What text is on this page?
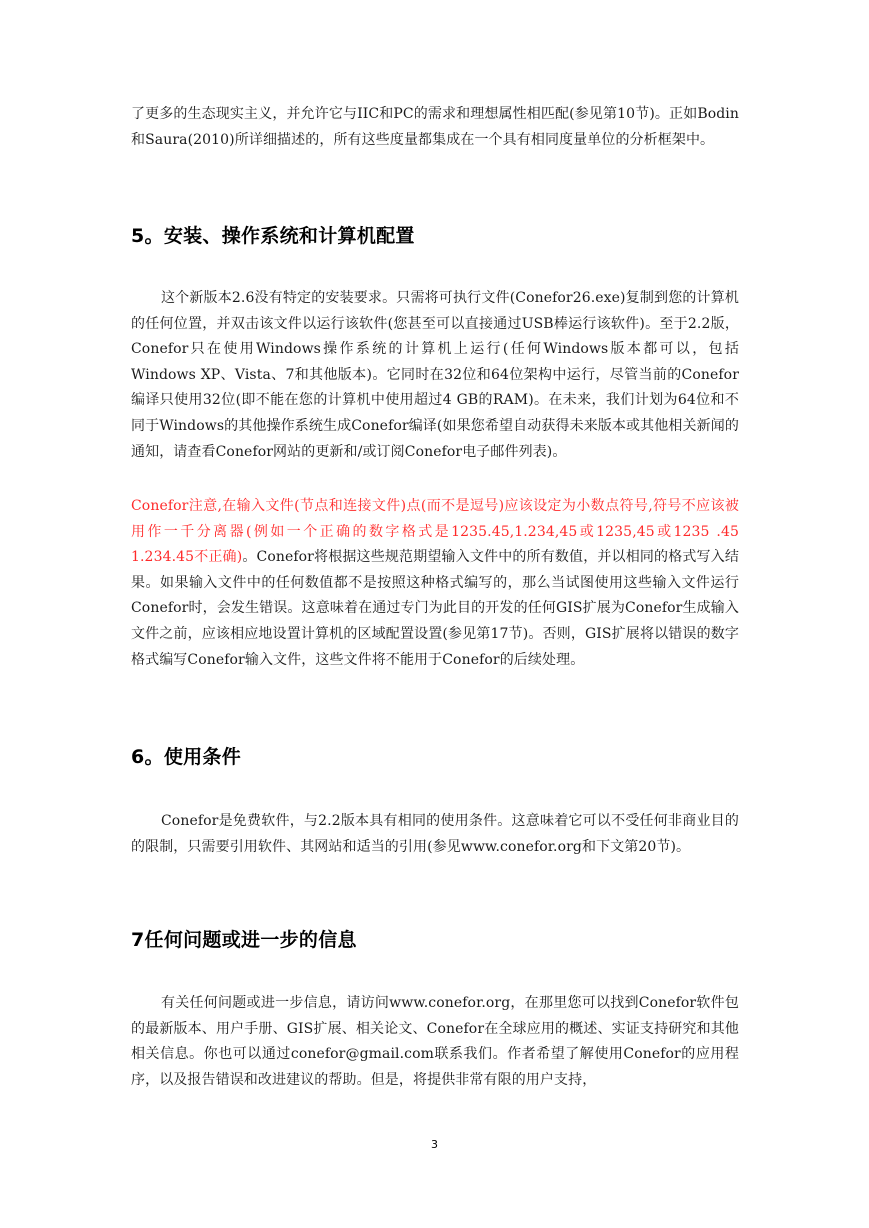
了更多的生态现实主义，并允许它与IIC和PC的需求和理想属性相匹配(参见第10节)。正如Bodin和Saura(2010)所详细描述的，所有这些度量都集成在一个具有相同度量单位的分析框架中。

5。安装、操作系统和计算机配置

这个新版本2.6没有特定的安装要求。只需将可执行文件(Conefor26.exe)复制到您的计算机的任何位置，并双击该文件以运行该软件(您甚至可以直接通过USB棒运行该软件)。至于2.2版，Conefor只在使用Windows操作系统的计算机上运行(任何Windows版本都可以，包括Windows XP、Vista、7和其他版本)。它同时在32位和64位架构中运行，尽管当前的Conefor编译只使用32位(即不能在您的计算机中使用超过4 GB的RAM)。在未来，我们计划为64位和不同于Windows的其他操作系统生成Conefor编译(如果您希望自动获得未来版本或其他相关新闻的通知，请查看Conefor网站的更新和/或订阅Conefor电子邮件列表)。

Conefor注意,在输入文件(节点和连接文件)点(而不是逗号)应该设定为小数点符号,符号不应该被用作一千分离器(例如一个正确的数字格式是1235.45,1.234,45或1235,45或1235 .45 1.234.45不正确)。Conefor将根据这些规范期望输入文件中的所有数值，并以相同的格式写入结果。如果输入文件中的任何数值都不是按照这种格式编写的，那么当试图使用这些输入文件运行Conefor时，会发生错误。这意味着在通过专门为此目的开发的任何GIS扩展为Conefor生成输入文件之前，应该相应地设置计算机的区域配置设置(参见第17节)。否则，GIS扩展将以错误的数字格式编写Conefor输入文件，这些文件将不能用于Conefor的后续处理。

6。使用条件

Conefor是免费软件，与2.2版本具有相同的使用条件。这意味着它可以不受任何非商业目的的限制，只需要引用软件、其网站和适当的引用(参见www.conefor.org和下文第20节)。

7任何问题或进一步的信息

有关任何问题或进一步信息，请访问www.conefor.org，在那里您可以找到Conefor软件包的最新版本、用户手册、GIS扩展、相关论文、Conefor在全球应用的概述、实证支持研究和其他相关信息。你也可以通过conefor@gmail.com联系我们。作者希望了解使用Conefor的应用程序，以及报告错误和改进建议的帮助。但是，将提供非常有限的用户支持，

3
